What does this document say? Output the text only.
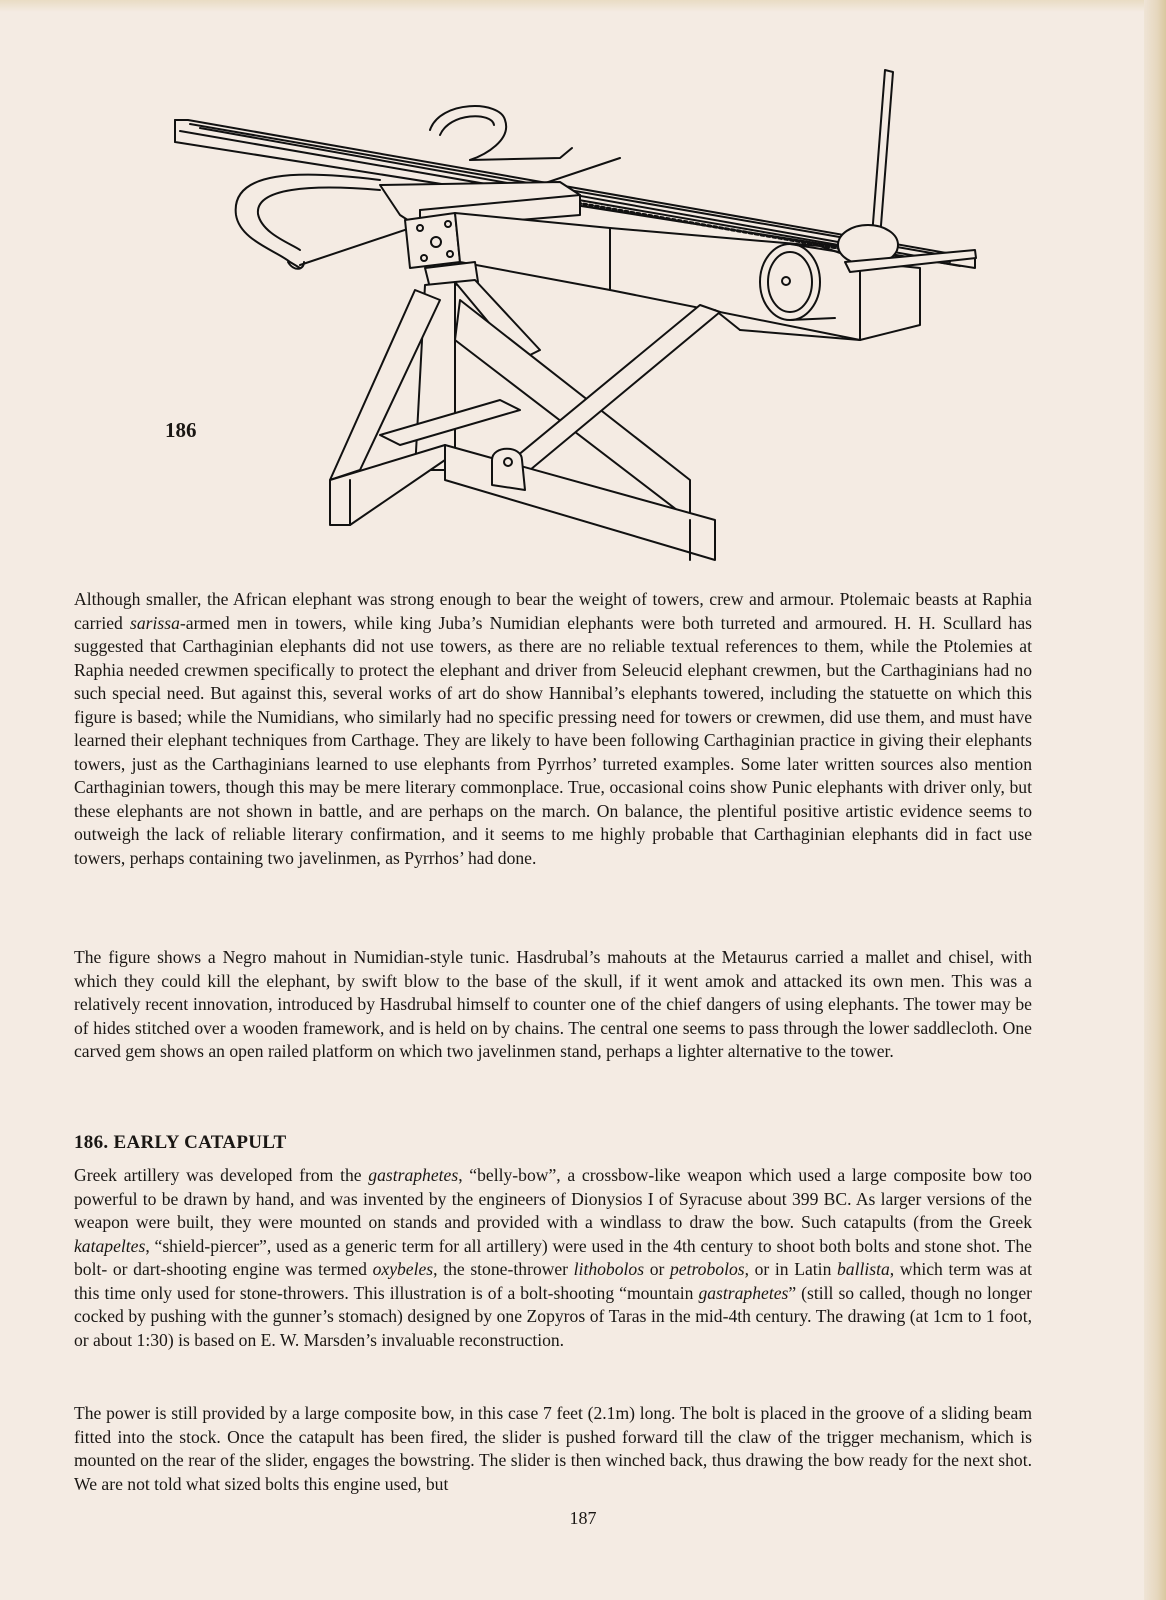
186
Although smaller, the African elephant was strong enough to bear the weight of towers, crew and armour. Ptolemaic beasts at Raphia carried sarissa-armed men in towers, while king Juba’s Numidian elephants were both turreted and armoured. H. H. Scullard has suggested that Carthaginian elephants did not use towers, as there are no reliable textual references to them, while the Ptolemies at Raphia needed crewmen specifically to protect the elephant and driver from Seleucid elephant crewmen, but the Carthaginians had no such special need. But against this, several works of art do show Hannibal’s elephants towered, including the statuette on which this figure is based; while the Numidians, who similarly had no specific pressing need for towers or crewmen, did use them, and must have learned their elephant techniques from Carthage. They are likely to have been following Carthaginian practice in giving their elephants towers, just as the Carthaginians learned to use elephants from Pyrrhos’ turreted examples. Some later written sources also mention Carthaginian towers, though this may be mere literary commonplace. True, occasional coins show Punic elephants with driver only, but these elephants are not shown in battle, and are perhaps on the march. On balance, the plentiful positive artistic evidence seems to outweigh the lack of reliable literary confirmation, and it seems to me highly probable that Carthaginian elephants did in fact use towers, perhaps containing two javelinmen, as Pyrrhos’ had done.
The figure shows a Negro mahout in Numidian-style tunic. Hasdrubal’s mahouts at the Metaurus carried a mallet and chisel, with which they could kill the elephant, by swift blow to the base of the skull, if it went amok and attacked its own men. This was a relatively recent innovation, introduced by Hasdrubal himself to counter one of the chief dangers of using elephants. The tower may be of hides stitched over a wooden framework, and is held on by chains. The central one seems to pass through the lower saddlecloth. One carved gem shows an open railed platform on which two javelinmen stand, perhaps a lighter alternative to the tower.
186. EARLY CATAPULT
Greek artillery was developed from the gastraphetes, “belly-bow”, a crossbow-like weapon which used a large composite bow too powerful to be drawn by hand, and was invented by the engineers of Dionysios I of Syracuse about 399 BC. As larger versions of the weapon were built, they were mounted on stands and provided with a windlass to draw the bow. Such catapults (from the Greek katapeltes, “shield-piercer”, used as a generic term for all artillery) were used in the 4th century to shoot both bolts and stone shot. The bolt- or dart-shooting engine was termed oxybeles, the stone-thrower lithobolos or petrobolos, or in Latin ballista, which term was at this time only used for stone-throwers. This illustration is of a bolt-shooting “mountain gastraphetes” (still so called, though no longer cocked by pushing with the gunner’s stomach) designed by one Zopyros of Taras in the mid-4th century. The drawing (at 1cm to 1 foot, or about 1:30) is based on E. W. Marsden’s invaluable reconstruction.
The power is still provided by a large composite bow, in this case 7 feet (2.1m) long. The bolt is placed in the groove of a sliding beam fitted into the stock. Once the catapult has been fired, the slider is pushed forward till the claw of the trigger mechanism, which is mounted on the rear of the slider, engages the bowstring. The slider is then winched back, thus drawing the bow ready for the next shot. We are not told what sized bolts this engine used, but
187
